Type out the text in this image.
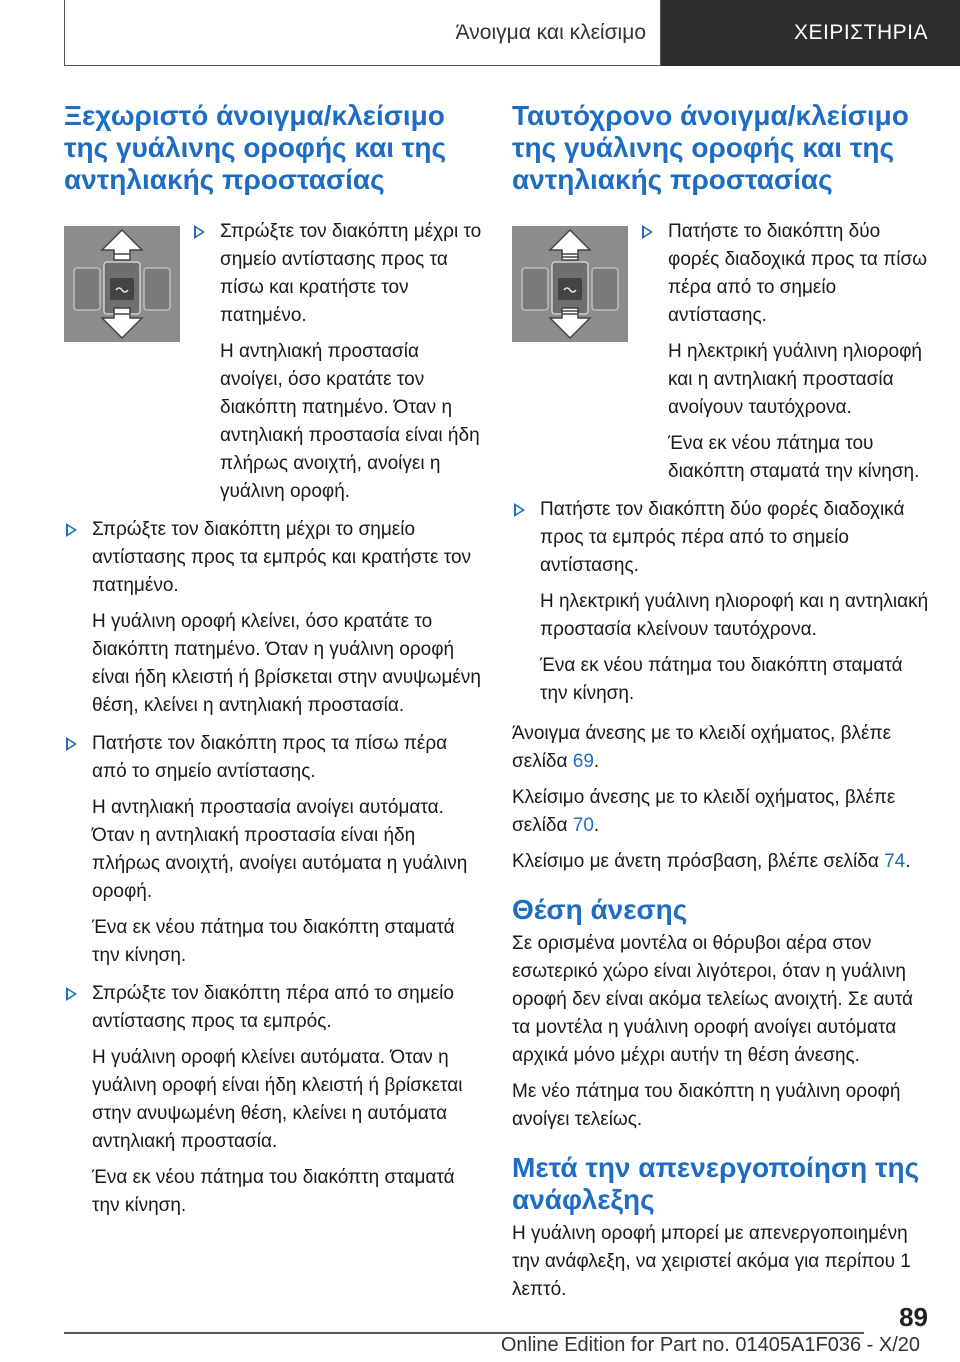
Άνοιγμα και κλείσιμο	ΧΕΙΡΙΣΤΗΡΙΑ
Ξεχωριστό άνοιγμα/κλείσιμο της γυάλινης οροφής και της αντηλιακής προστασίας

Σπρώξτε τον διακόπτη μέχρι το σημείο αντίστασης προς τα πίσω και κρατήστε τον πατημένο.

Η αντηλιακή προστασία ανοίγει, όσο κρατάτε τον διακόπτη πατημένο. Όταν η αντηλιακή προστασία είναι ήδη πλήρως ανοιχτή, ανοίγει η γυάλινη οροφή.

Σπρώξτε τον διακόπτη μέχρι το σημείο αντίστασης προς τα εμπρός και κρατήστε τον πατημένο.

Η γυάλινη οροφή κλείνει, όσο κρατάτε το διακόπτη πατημένο. Όταν η γυάλινη οροφή είναι ήδη κλειστή ή βρίσκεται στην ανυψωμένη θέση, κλείνει η αντηλιακή προστασία.

Πατήστε τον διακόπτη προς τα πίσω πέρα από το σημείο αντίστασης.

Η αντηλιακή προστασία ανοίγει αυτόματα. Όταν η αντηλιακή προστασία είναι ήδη πλήρως ανοιχτή, ανοίγει αυτόματα η γυάλινη οροφή.

Ένα εκ νέου πάτημα του διακόπτη σταματά την κίνηση.

Σπρώξτε τον διακόπτη πέρα από το σημείο αντίστασης προς τα εμπρός.

Η γυάλινη οροφή κλείνει αυτόματα. Όταν η γυάλινη οροφή είναι ήδη κλειστή ή βρίσκεται στην ανυψωμένη θέση, κλείνει η αυτόματα αντηλιακή προστασία.

Ένα εκ νέου πάτημα του διακόπτη σταματά την κίνηση.

Ταυτόχρονο άνοιγμα/κλείσιμο της γυάλινης οροφής και της αντηλιακής προστασίας

Πατήστε το διακόπτη δύο φορές διαδοχικά προς τα πίσω πέρα από το σημείο αντίστασης.

Η ηλεκτρική γυάλινη ηλιοροφή και η αντηλιακή προστασία ανοίγουν ταυτόχρονα.

Ένα εκ νέου πάτημα του διακόπτη σταματά την κίνηση.

Πατήστε τον διακόπτη δύο φορές διαδοχικά προς τα εμπρός πέρα από το σημείο αντίστασης.

Η ηλεκτρική γυάλινη ηλιοροφή και η αντηλιακή προστασία κλείνουν ταυτόχρονα.

Ένα εκ νέου πάτημα του διακόπτη σταματά την κίνηση.

Άνοιγμα άνεσης με το κλειδί οχήματος, βλέπε σελίδα 69.

Κλείσιμο άνεσης με το κλειδί οχήματος, βλέπε σελίδα 70.

Κλείσιμο με άνετη πρόσβαση, βλέπε σελίδα 74.

Θέση άνεσης

Σε ορισμένα μοντέλα οι θόρυβοι αέρα στον εσωτερικό χώρο είναι λιγότεροι, όταν η γυάλινη οροφή δεν είναι ακόμα τελείως ανοιχτή. Σε αυτά τα μοντέλα η γυάλινη οροφή ανοίγει αυτόματα αρχικά μόνο μέχρι αυτήν τη θέση άνεσης.

Με νέο πάτημα του διακόπτη η γυάλινη οροφή ανοίγει τελείως.

Μετά την απενεργοποίηση της ανάφλεξης

Η γυάλινη οροφή μπορεί με απενεργοποιημένη την ανάφλεξη, να χειριστεί ακόμα για περίπου 1 λεπτό.

89
Online Edition for Part no. 01405A1F036 - X/20
